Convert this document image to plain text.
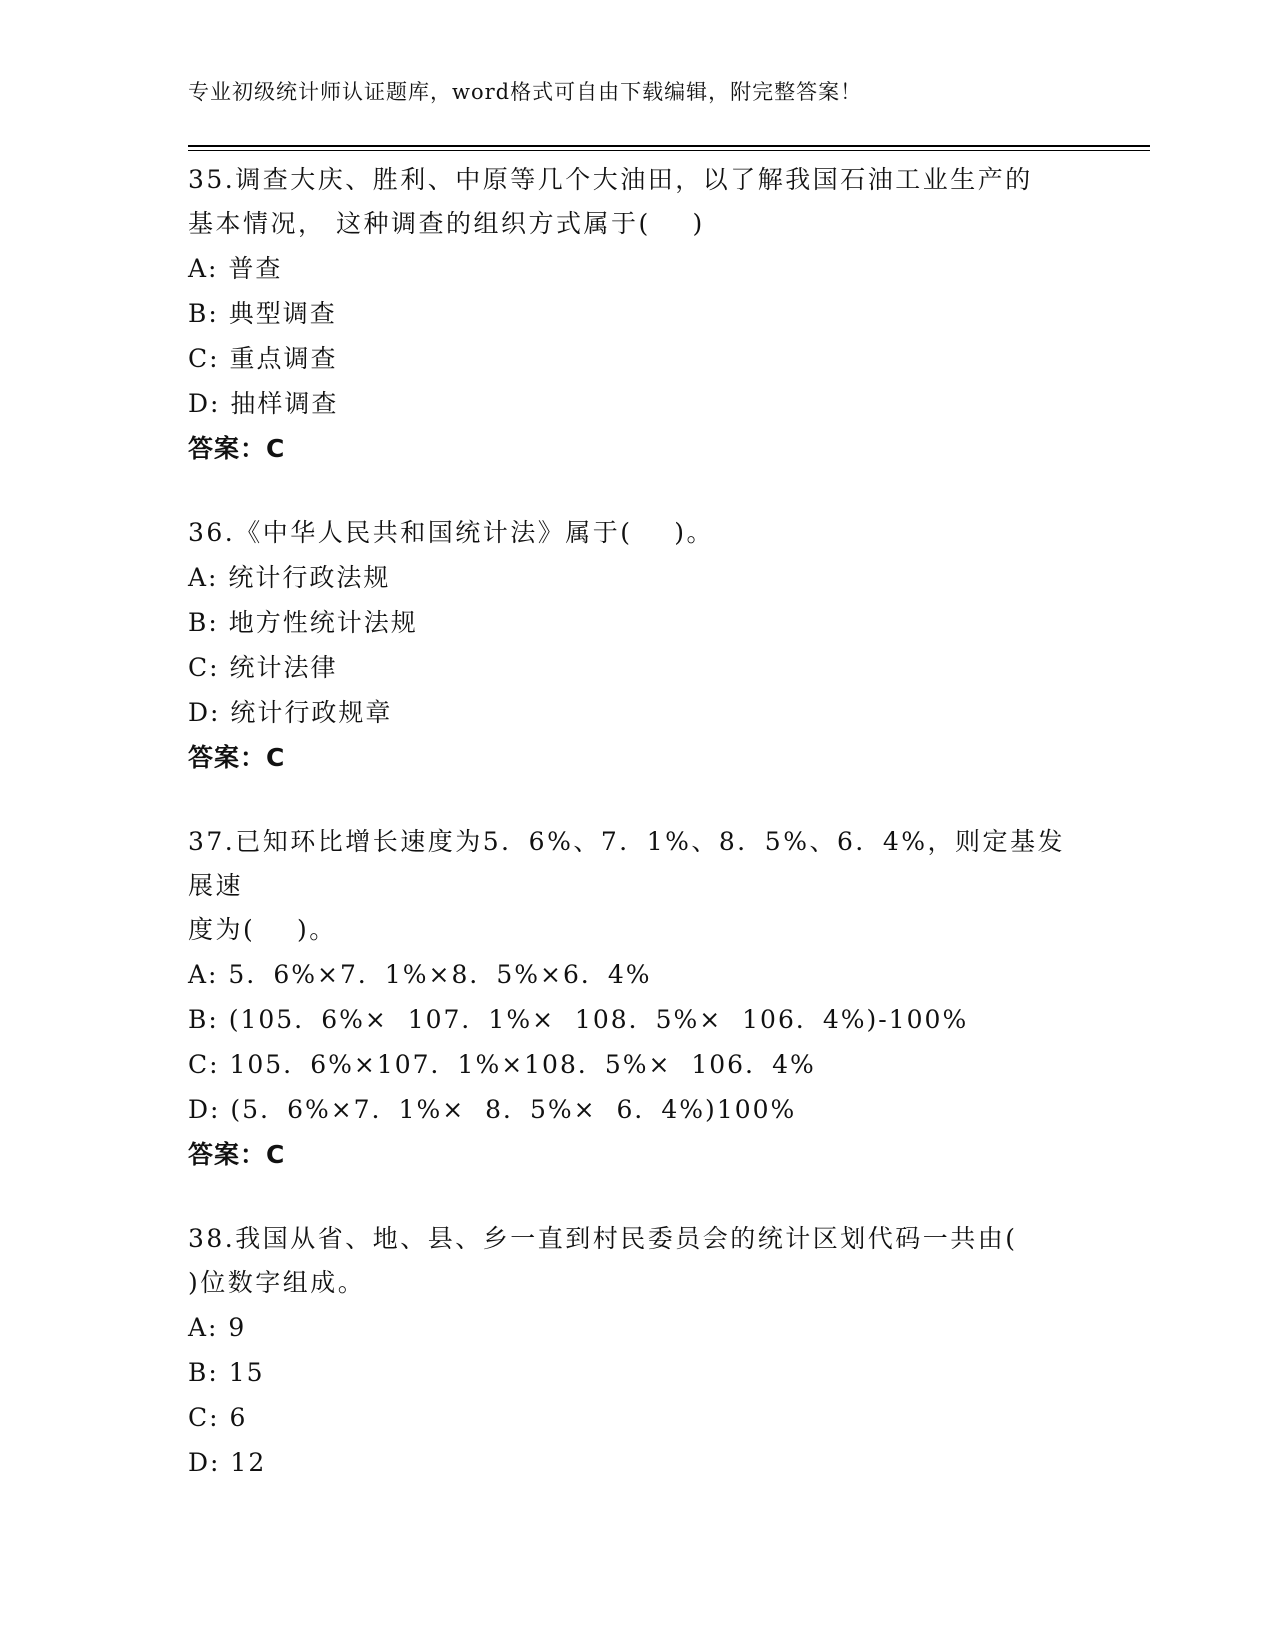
专业初级统计师认证题库，word格式可自由下载编辑，附完整答案！
35.调查大庆、胜利、中原等几个大油田，以了解我国石油工业生产的
基本情况， 这种调查的组织方式属于(    )
A: 普查
B: 典型调查
C: 重点调查
D: 抽样调查
答案：C
36.《中华人民共和国统计法》属于(    )。
A: 统计行政法规
B: 地方性统计法规
C: 统计法律
D: 统计行政规章
答案：C
37.已知环比增长速度为5．6%、7．1%、8．5%、6．4%，则定基发展速
度为(    )。
A: 5．6%×7．1%×8．5%×6．4%
B: (105．6%×  107．1%×  108．5%×  106．4%)-100%
C: 105．6%×107．1%×108．5%×  106．4%
D: (5．6%×7．1%×  8．5%×  6．4%)100%
答案：C
38.我国从省、地、县、乡一直到村民委员会的统计区划代码一共由(
)位数字组成。
A: 9
B: 15
C: 6
D: 12
